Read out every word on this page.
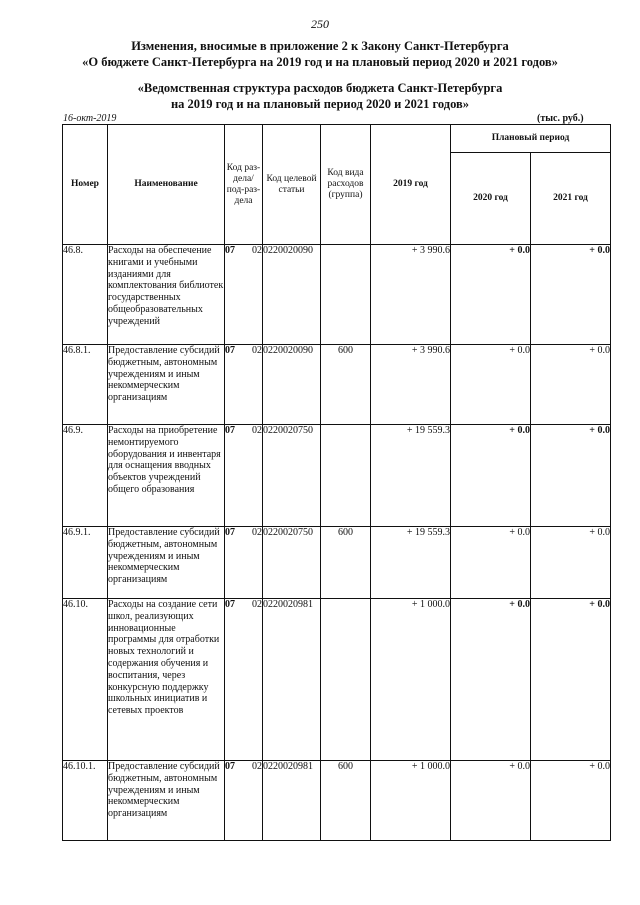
250
Изменения, вносимые в приложение 2 к Закону Санкт-Петербурга
«О бюджете Санкт-Петербурга на 2019 год и на плановый период 2020 и 2021 годов»
«Ведомственная структура расходов бюджета Санкт-Петербурга
на 2019 год и на плановый период 2020 и 2021 годов»
16-окт-2019	(тыс. руб.)
Номер	Наименование	Код раз-дела/ под-раз-дела	Код целевой статьи	Код вида расходов (группа)	2019 год	Плановый период	
						2020 год	2021 год
46.8.	Расходы на обеспечение книгами и учебными изданиями для комплектования библиотек государственных общеобразовательных учреждений	07 02	0220020090		+ 3 990.6	+ 0.0	+ 0.0
46.8.1.	Предоставление субсидий бюджетным, автономным учреждениям и иным некоммерческим организациям	07 02	0220020090	600	+ 3 990.6	+ 0.0	+ 0.0
46.9.	Расходы на приобретение немонтируемого оборудования и инвентаря для оснащения вводных объектов учреждений общего образования	07 02	0220020750		+ 19 559.3	+ 0.0	+ 0.0
46.9.1.	Предоставление субсидий бюджетным, автономным учреждениям и иным некоммерческим организациям	07 02	0220020750	600	+ 19 559.3	+ 0.0	+ 0.0
46.10.	Расходы на создание сети школ, реализующих инновационные программы для отработки новых технологий и содержания обучения и воспитания, через конкурсную поддержку школьных инициатив и сетевых проектов	07 02	0220020981		+ 1 000.0	+ 0.0	+ 0.0
46.10.1.	Предоставление субсидий бюджетным, автономным учреждениям и иным некоммерческим организациям	07 02	0220020981	600	+ 1 000.0	+ 0.0	+ 0.0
